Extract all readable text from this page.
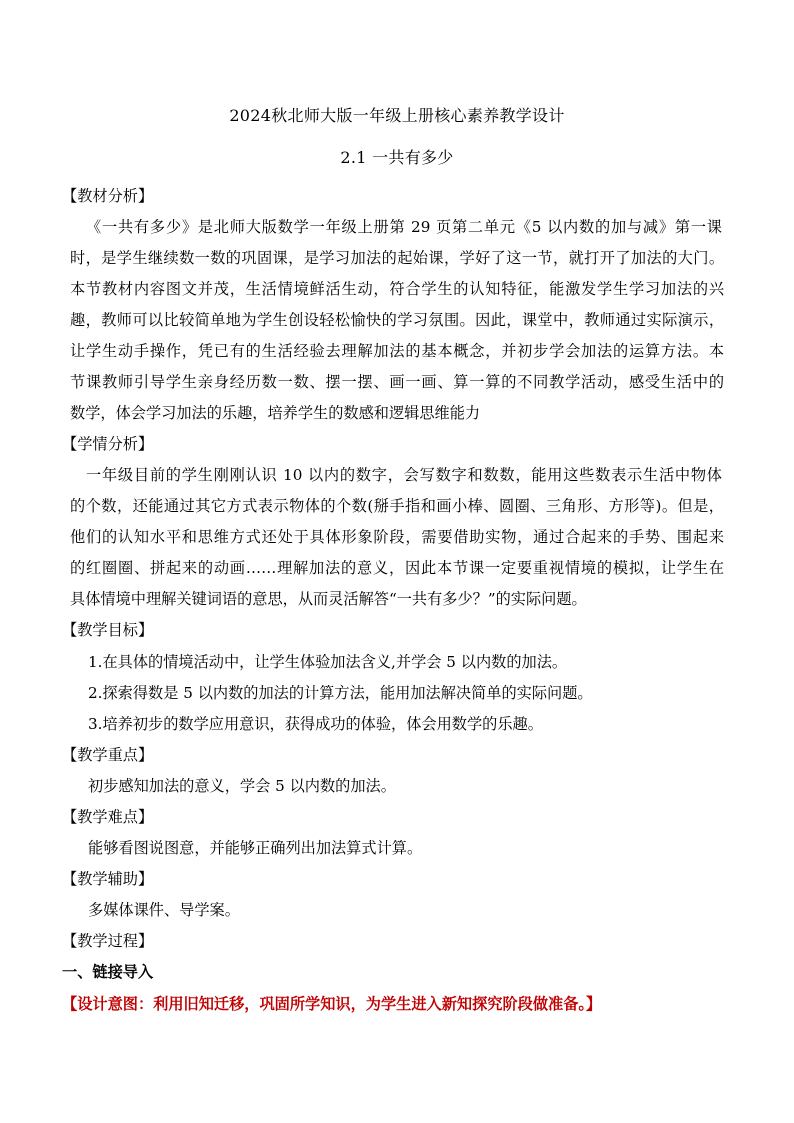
2024秋北师大版一年级上册核心素养教学设计
2.1 一共有多少
【教材分析】
《一共有多少》是北师大版数学一年级上册第 29 页第二单元《5 以内数的加与减》第一课
时，是学生继续数一数的巩固课，是学习加法的起始课，学好了这一节，就打开了加法的大门。
本节教材内容图文并茂，生活情境鲜活生动，符合学生的认知特征，能激发学生学习加法的兴
趣，教师可以比较简单地为学生创设轻松愉快的学习氛围。因此，课堂中，教师通过实际演示，
让学生动手操作，凭已有的生活经验去理解加法的基本概念，并初步学会加法的运算方法。本
节课教师引导学生亲身经历数一数、摆一摆、画一画、算一算的不同教学活动，感受生活中的
数学，体会学习加法的乐趣，培养学生的数感和逻辑思维能力
【学情分析】
一年级目前的学生刚刚认识 10 以内的数字，会写数字和数数，能用这些数表示生活中物体
的个数，还能通过其它方式表示物体的个数(掰手指和画小棒、圆圈、三角形、方形等)。但是，
他们的认知水平和思维方式还处于具体形象阶段，需要借助实物，通过合起来的手势、围起来
的红圈圈、拼起来的动画……理解加法的意义，因此本节课一定要重视情境的模拟，让学生在
具体情境中理解关键词语的意思，从而灵活解答“一共有多少？”的实际问题。
【教学目标】
1.在具体的情境活动中，让学生体验加法含义,并学会 5 以内数的加法。
2.探索得数是 5 以内数的加法的计算方法，能用加法解决简单的实际问题。
3.培养初步的数学应用意识，获得成功的体验，体会用数学的乐趣。
【教学重点】
初步感知加法的意义，学会 5 以内数的加法。
【教学难点】
能够看图说图意，并能够正确列出加法算式计算。
【教学辅助】
多媒体课件、导学案。
【教学过程】
一、链接导入
【设计意图：利用旧知迁移，巩固所学知识，为学生进入新知探究阶段做准备。】
